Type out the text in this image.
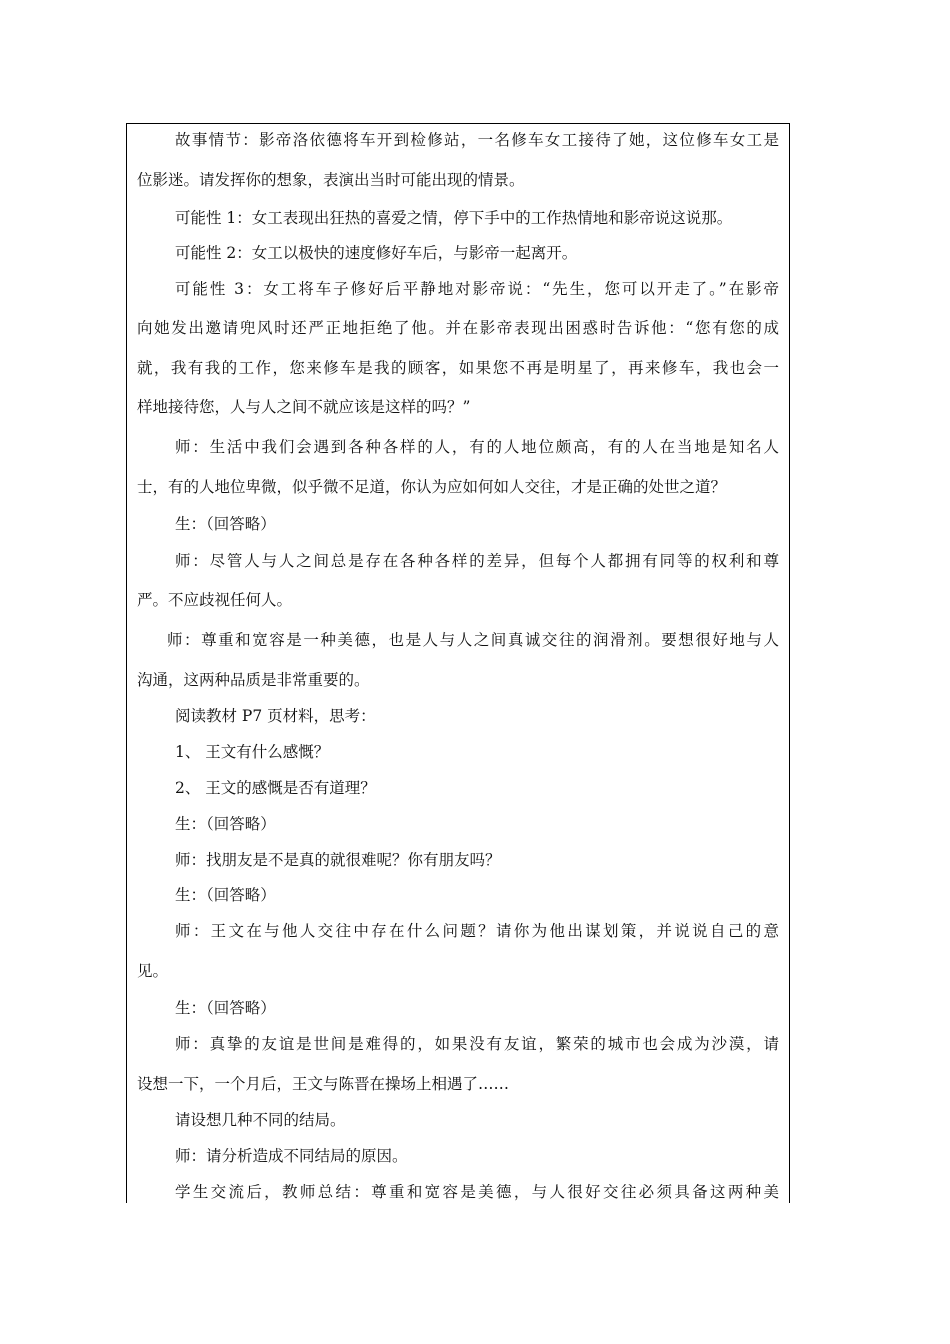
故事情节：影帝洛依德将车开到检修站，一名修车女工接待了她，这位修车女工是

位影迷。请发挥你的想象，表演出当时可能出现的情景。

可能性 1：女工表现出狂热的喜爱之情，停下手中的工作热情地和影帝说这说那。

可能性 2：女工以极快的速度修好车后，与影帝一起离开。

可能性 3：女工将车子修好后平静地对影帝说：“先生，您可以开走了。”在影帝

向她发出邀请兜风时还严正地拒绝了他。并在影帝表现出困惑时告诉他：“您有您的成

就，我有我的工作，您来修车是我的顾客，如果您不再是明星了，再来修车，我也会一

样地接待您，人与人之间不就应该是这样的吗？”

师：生活中我们会遇到各种各样的人，有的人地位颇高，有的人在当地是知名人

士，有的人地位卑微，似乎微不足道，你认为应如何如人交往，才是正确的处世之道？

生：（回答略）

师：尽管人与人之间总是存在各种各样的差异，但每个人都拥有同等的权利和尊

严。不应歧视任何人。

师：尊重和宽容是一种美德，也是人与人之间真诚交往的润滑剂。要想很好地与人

沟通，这两种品质是非常重要的。

阅读教材 P7 页材料，思考：

1、 王文有什么感慨？

2、 王文的感慨是否有道理？

生：（回答略）

师：找朋友是不是真的就很难呢？你有朋友吗？

生：（回答略）

师：王文在与他人交往中存在什么问题？请你为他出谋划策，并说说自己的意

见。

生：（回答略）

师：真挚的友谊是世间是难得的，如果没有友谊，繁荣的城市也会成为沙漠，请

设想一下，一个月后，王文与陈晋在操场上相遇了……

请设想几种不同的结局。

师：请分析造成不同结局的原因。

学生交流后，教师总结：尊重和宽容是美德，与人很好交往必须具备这两种美
